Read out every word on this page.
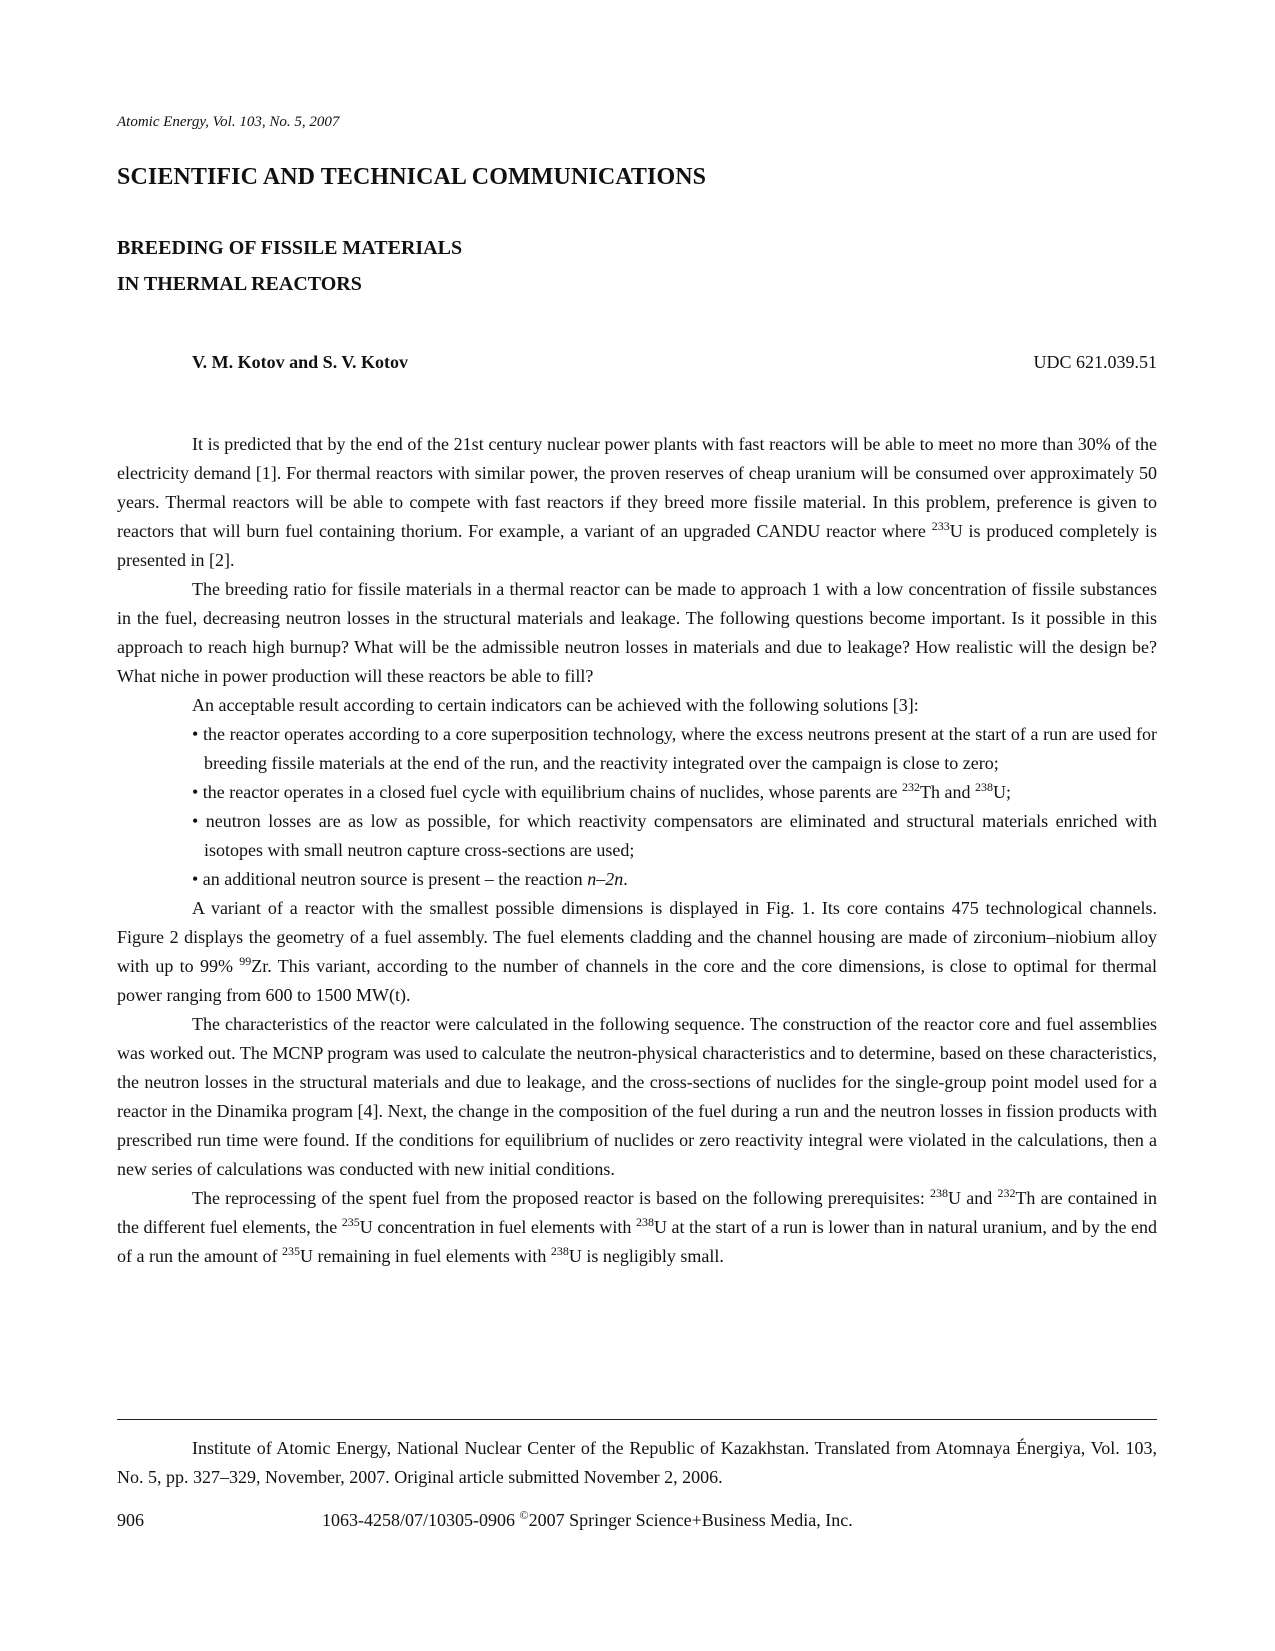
Atomic Energy, Vol. 103, No. 5, 2007
SCIENTIFIC AND TECHNICAL COMMUNICATIONS
BREEDING OF FISSILE MATERIALS
IN THERMAL REACTORS
V. M. Kotov and S. V. Kotov	UDC 621.039.51

It is predicted that by the end of the 21st century nuclear power plants with fast reactors will be able to meet no more than 30% of the electricity demand [1]. For thermal reactors with similar power, the proven reserves of cheap uranium will be consumed over approximately 50 years. Thermal reactors will be able to compete with fast reactors if they breed more fissile material. In this problem, preference is given to reactors that will burn fuel containing thorium. For example, a variant of an upgraded CANDU reactor where $^{233}$U is produced completely is presented in [2].

The breeding ratio for fissile materials in a thermal reactor can be made to approach 1 with a low concentration of fissile substances in the fuel, decreasing neutron losses in the structural materials and leakage. The following questions become important. Is it possible in this approach to reach high burnup? What will be the admissible neutron losses in materials and due to leakage? How realistic will the design be? What niche in power production will these reactors be able to fill?

An acceptable result according to certain indicators can be achieved with the following solutions [3]:

• the reactor operates according to a core superposition technology, where the excess neutrons present at the start of a run are used for breeding fissile materials at the end of the run, and the reactivity integrated over the campaign is close to zero;

• the reactor operates in a closed fuel cycle with equilibrium chains of nuclides, whose parents are $^{232}$Th and $^{238}$U;

• neutron losses are as low as possible, for which reactivity compensators are eliminated and structural materials enriched with isotopes with small neutron capture cross-sections are used;

• an additional neutron source is present – the reaction n–2n.

A variant of a reactor with the smallest possible dimensions is displayed in Fig. 1. Its core contains 475 technological channels. Figure 2 displays the geometry of a fuel assembly. The fuel elements cladding and the channel housing are made of zirconium–niobium alloy with up to 99% $^{99}$Zr. This variant, according to the number of channels in the core and the core dimensions, is close to optimal for thermal power ranging from 600 to 1500 MW(t).

The characteristics of the reactor were calculated in the following sequence. The construction of the reactor core and fuel assemblies was worked out. The MCNP program was used to calculate the neutron-physical characteristics and to determine, based on these characteristics, the neutron losses in the structural materials and due to leakage, and the cross-sections of nuclides for the single-group point model used for a reactor in the Dinamika program [4]. Next, the change in the composition of the fuel during a run and the neutron losses in fission products with prescribed run time were found. If the conditions for equilibrium of nuclides or zero reactivity integral were violated in the calculations, then a new series of calculations was conducted with new initial conditions.

The reprocessing of the spent fuel from the proposed reactor is based on the following prerequisites: $^{238}$U and $^{232}$Th are contained in the different fuel elements, the $^{235}$U concentration in fuel elements with $^{238}$U at the start of a run is lower than in natural uranium, and by the end of a run the amount of $^{235}$U remaining in fuel elements with $^{238}$U is negligibly small.

Institute of Atomic Energy, National Nuclear Center of the Republic of Kazakhstan. Translated from Atomnaya Énergiya, Vol. 103, No. 5, pp. 327–329, November, 2007. Original article submitted November 2, 2006.

906	1063-4258/07/10305-0906 ©2007 Springer Science+Business Media, Inc.
